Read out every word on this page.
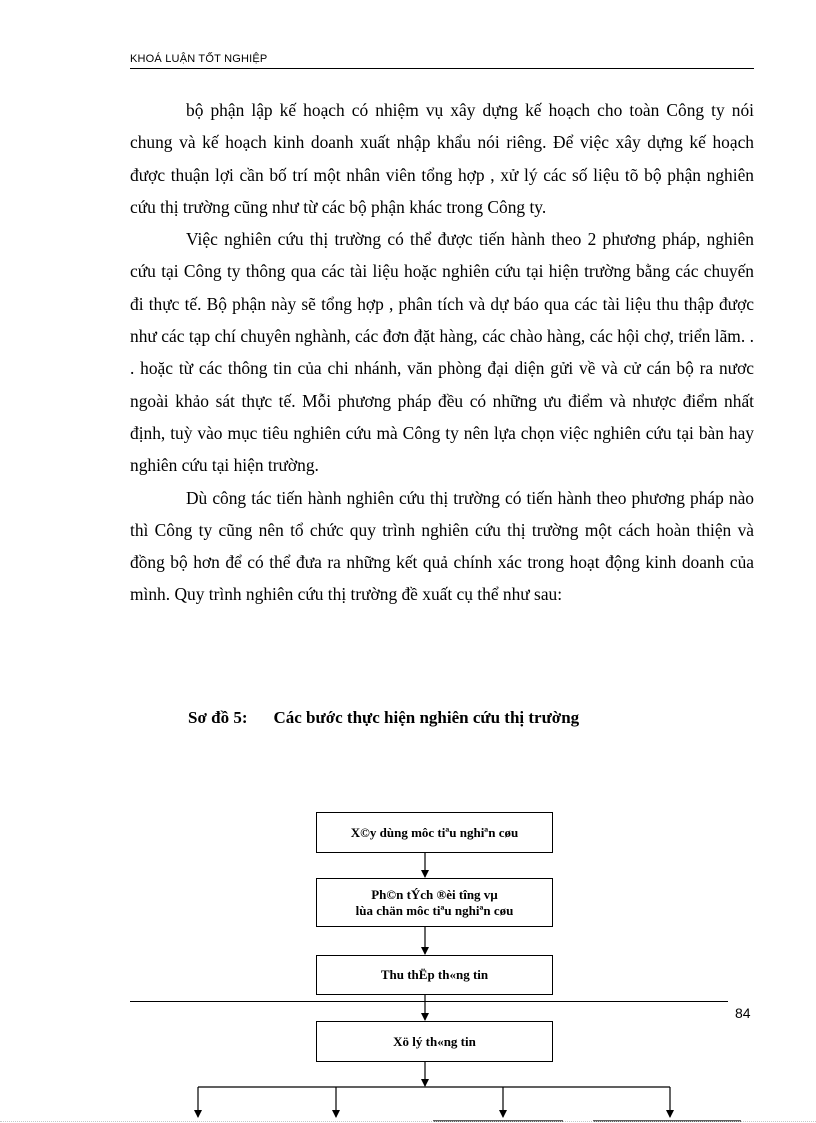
KHOÁ LUẬN TỐT NGHIỆP

bộ phận lập kế hoạch có nhiệm vụ xây dựng kế hoạch cho toàn Công ty nói chung và kế hoạch kinh doanh xuất nhập khẩu nói riêng. Để việc xây dựng kế hoạch được thuận lợi cần bố trí một nhân viên tổng hợp , xử lý các số liệu tõ bộ phận nghiên cứu thị trường cũng như từ các bộ phận khác trong Công ty.

Việc nghiên cứu thị trường có thể được tiến hành theo 2 phương pháp, nghiên cứu tại Công ty thông qua các tài liệu hoặc nghiên cứu tại hiện trường bằng các chuyến đi thực tế. Bộ phận này sẽ tổng hợp , phân tích và dự báo qua các tài liệu thu thập được như các tạp chí chuyên nghành, các đơn đặt hàng, các chào hàng, các hội chợ, triển lãm. . . hoặc từ các thông tin của chi nhánh, văn phòng đại diện gửi về và cử cán bộ ra nươc ngoài khảo sát thực tế. Mỗi phương pháp đều có những ưu điểm và nhược điểm nhất định, tuỳ vào mục tiêu nghiên cứu mà Công ty nên lựa chọn việc nghiên cứu tại bàn hay nghiên cứu tại hiện trường.

Dù công tác tiến hành nghiên cứu thị trường có tiến hành theo phương pháp nào thì Công ty cũng nên tổ chức quy trình nghiên cứu thị trường một cách hoàn thiện và đồng bộ hơn để có thể đưa ra những kết quả chính xác trong hoạt động kinh doanh của mình. Quy trình nghiên cứu thị trường đề xuất cụ thể như sau:

Sơ đồ 5: Các bước thực hiện nghiên cứu thị trường
X©y dùng môc tiªu nghiªn cøu
Ph©n tÝch ®èi tîng vµ
lùa chän môc tiªu nghiªn cøu
Thu thËp th«ng tin
84
Xö lý th«ng tin
